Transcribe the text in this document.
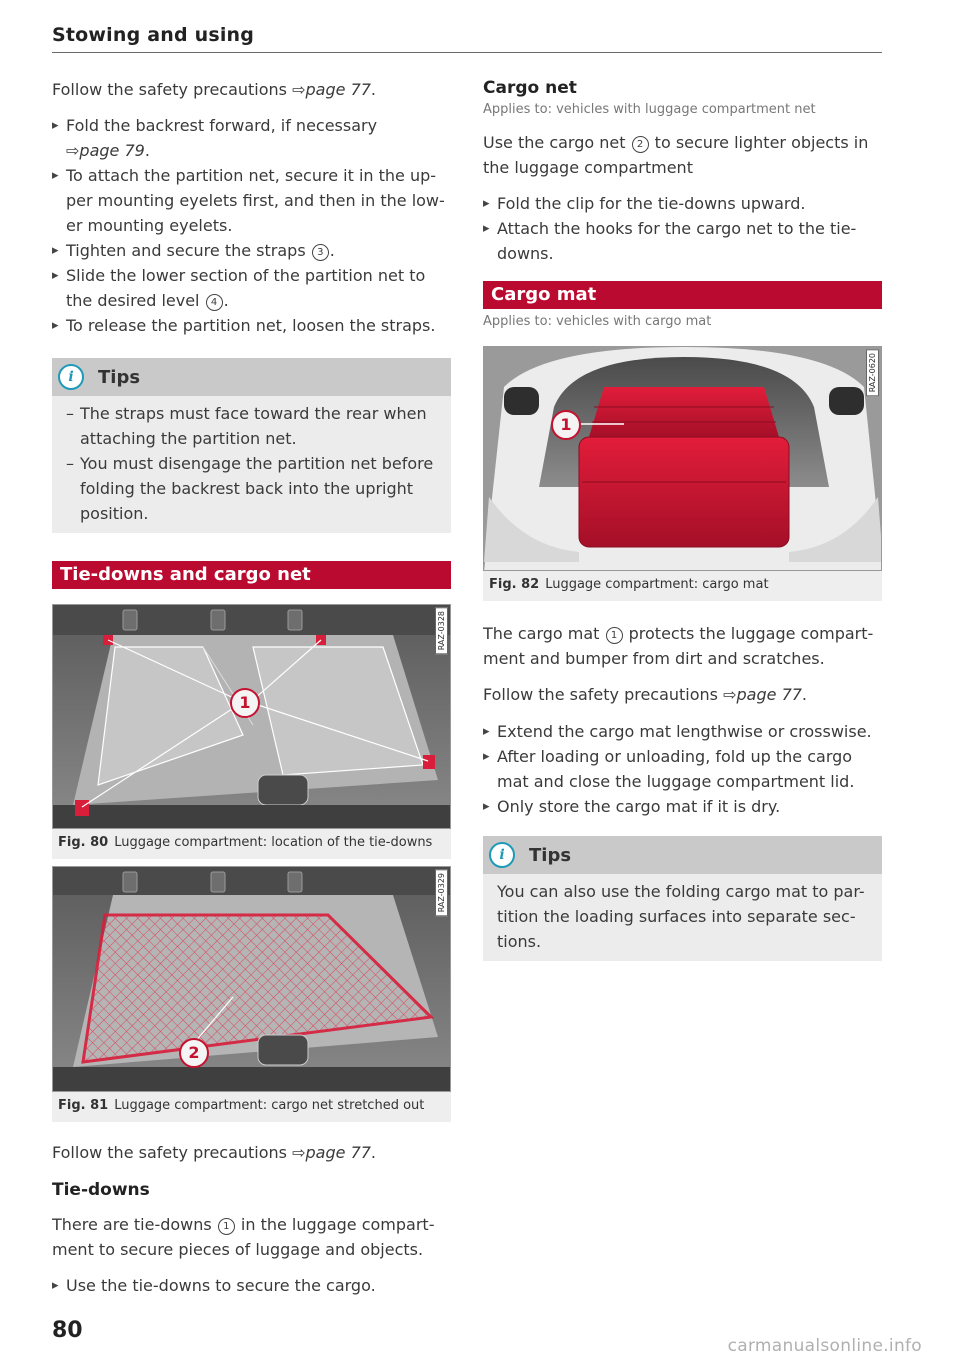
Stowing and using

Follow the safety precautions ⇨page 77.

▸ Fold the backrest forward, if necessary
⇨page 79.
▸ To attach the partition net, secure it in the up-per mounting eyelets first, and then in the low-er mounting eyelets.
▸ Tighten and secure the straps 3 .
▸ Slide the lower section of the partition net to the desired level 4 .
▸ To release the partition net, loosen the straps.
i	Tips
– The straps must face toward the rear when attaching the partition net.
– You must disengage the partition net before folding the backrest back into the upright position.
Tie-downs and cargo net
1
RAZ-0328
Fig. 80 Luggage compartment: location of the tie-downs
2
RAZ-0329
Fig. 81 Luggage compartment: cargo net stretched out

Follow the safety precautions ⇨page 77.

Tie-downs

There are tie-downs 1 in the luggage compart-ment to secure pieces of luggage and objects.

▸ Use the tie-downs to secure the cargo.
Cargo net

Applies to: vehicles with luggage compartment net

Use the cargo net 2 to secure lighter objects in the luggage compartment

▸ Fold the clip for the tie-downs upward.
▸ Attach the hooks for the cargo net to the tie-downs.
Cargo mat

Applies to: vehicles with cargo mat

1
RAZ-0620
Fig. 82 Luggage compartment: cargo mat

The cargo mat 1 protects the luggage compart-ment and bumper from dirt and scratches.

Follow the safety precautions ⇨page 77.

▸ Extend the cargo mat lengthwise or crosswise.
▸ After loading or unloading, fold up the cargo mat and close the luggage compartment lid.
▸ Only store the cargo mat if it is dry.
i	Tips

You can also use the folding cargo mat to par-tition the loading surfaces into separate sec-tions.

80
carmanualsonline.info
